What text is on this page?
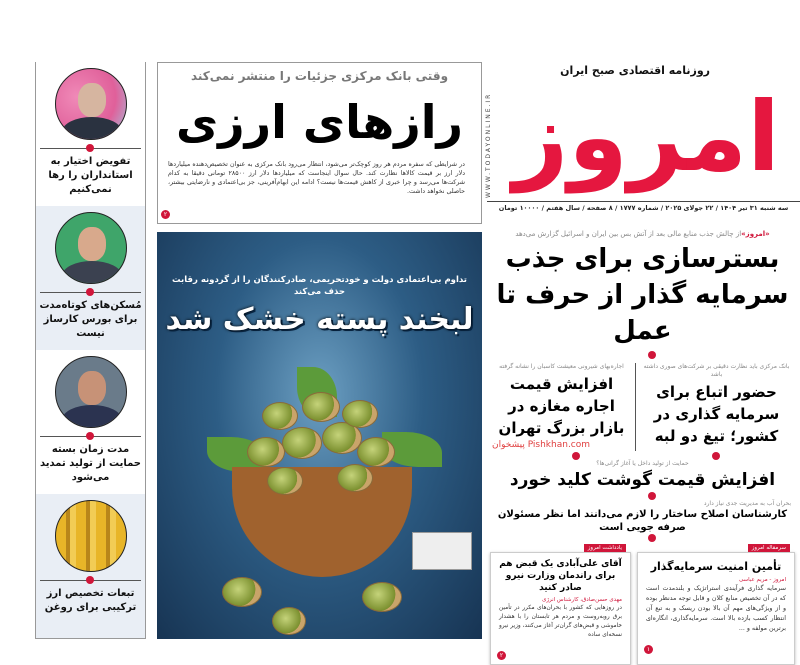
تفویض اختیار به استانداران را رها نمی‌کنیم
مُسکن‌های کوتاه‌مدت برای بورس کارساز نیست
مدت زمان بسته حمایت از تولید تمدید می‌شود
تبعات تخصیص ارز ترکیبی برای روغن
وقتی بانک مرکزی جزئیات را منتشر نمی‌کند
رازهای ارزی
در شرایطی که سفره مردم هر روز کوچک‌تر می‌شود، انتظار می‌رود بانک مرکزی به عنوان تخصیص‌دهنده میلیاردها دلار ارز بر قیمت کالاها نظارت کند. حال سوال اینجاست که میلیاردها دلار ارز ۲۸۵۰۰ تومانی دقیقا به کدام شرکت‌ها می‌رسد و چرا خبری از کاهش قیمت‌ها نیست؟ ادامه این ابهام‌آفرینی، جز بی‌اعتمادی و نارضایتی بیشتر، حاصلی نخواهد داشت.
۲
تداوم بی‌اعتمادی دولت و خودتحریمی، صادرکنندگان را از گردونه رقابت حذف می‌کند
لبخند پسته خشک شد
WWW.TODAYONLINE.IR
روزنامه اقتصادی صبح ایران
امروز
سه شنبه ۳۱ تیر ۱۴۰۴ / ۲۲ جولای ۲۰۲۵ / شماره ۱۷۷۷ / ۸ صفحه / سال هفتم / ۱۰۰۰۰ تومان
«امروز»از چالش جذب منابع مالی بعد از آتش بس بین ایران و اسرائیل گزارش می‌دهد
بسترسازی برای جذب
سرمایه گذار از حرف تا عمل
بانک مرکزی باید نظارت دقیقی بر شرکت‌های صوری داشته باشد
حضور اتباع برای سرمایه گذاری در کشور؛ تیغ دو لبه
اجاره‌بهای شیرونی معیشت کاسبان را نشانه گرفته
افزایش قیمت اجاره مغازه در بازار بزرگ تهران
پیشخوان Pishkhan.com
حمایت از تولید داخل یا آغاز گرانی‌ها؟
افزایش قیمت گوشت کلید خورد
بحران آب به مدیریت جدی نیاز دارد
کارشناسان اصلاح ساختار را لازم می‌دانند اما نظر مسئولان صرفه جویی است
سرمقاله امروز
تأمین امنیت سرمایه‌گذار
امروز - مریم عباسی
سرمایه گذاری فرآیندی استراتژیک و بلندمدت است که در آن تخصیص منابع کلان و قابل توجه مدنظر بوده و از ویژگی‌های مهم آن بالا بودن ریسک و به تبع آن انتظار کسب بازده بالا است. سرمایه‌گذاری، انگاره‌ای برترین مولفه و ...
۱
یادداشت امروز
آقای علی‌آبادی یک قبض هم برای راندمان وزارت نیرو صادر کنید
مهدی حسن‌صادق، کارشناس انرژی
در روزهایی که کشور با بحران‌های مکرر در تأمین برق روبه‌روست و مردم هر تابستان را با هشدار خاموشی و قبض‌های گران‌تر آغاز می‌کنند، وزیر نیرو نسخه‌ای ساده
۲
